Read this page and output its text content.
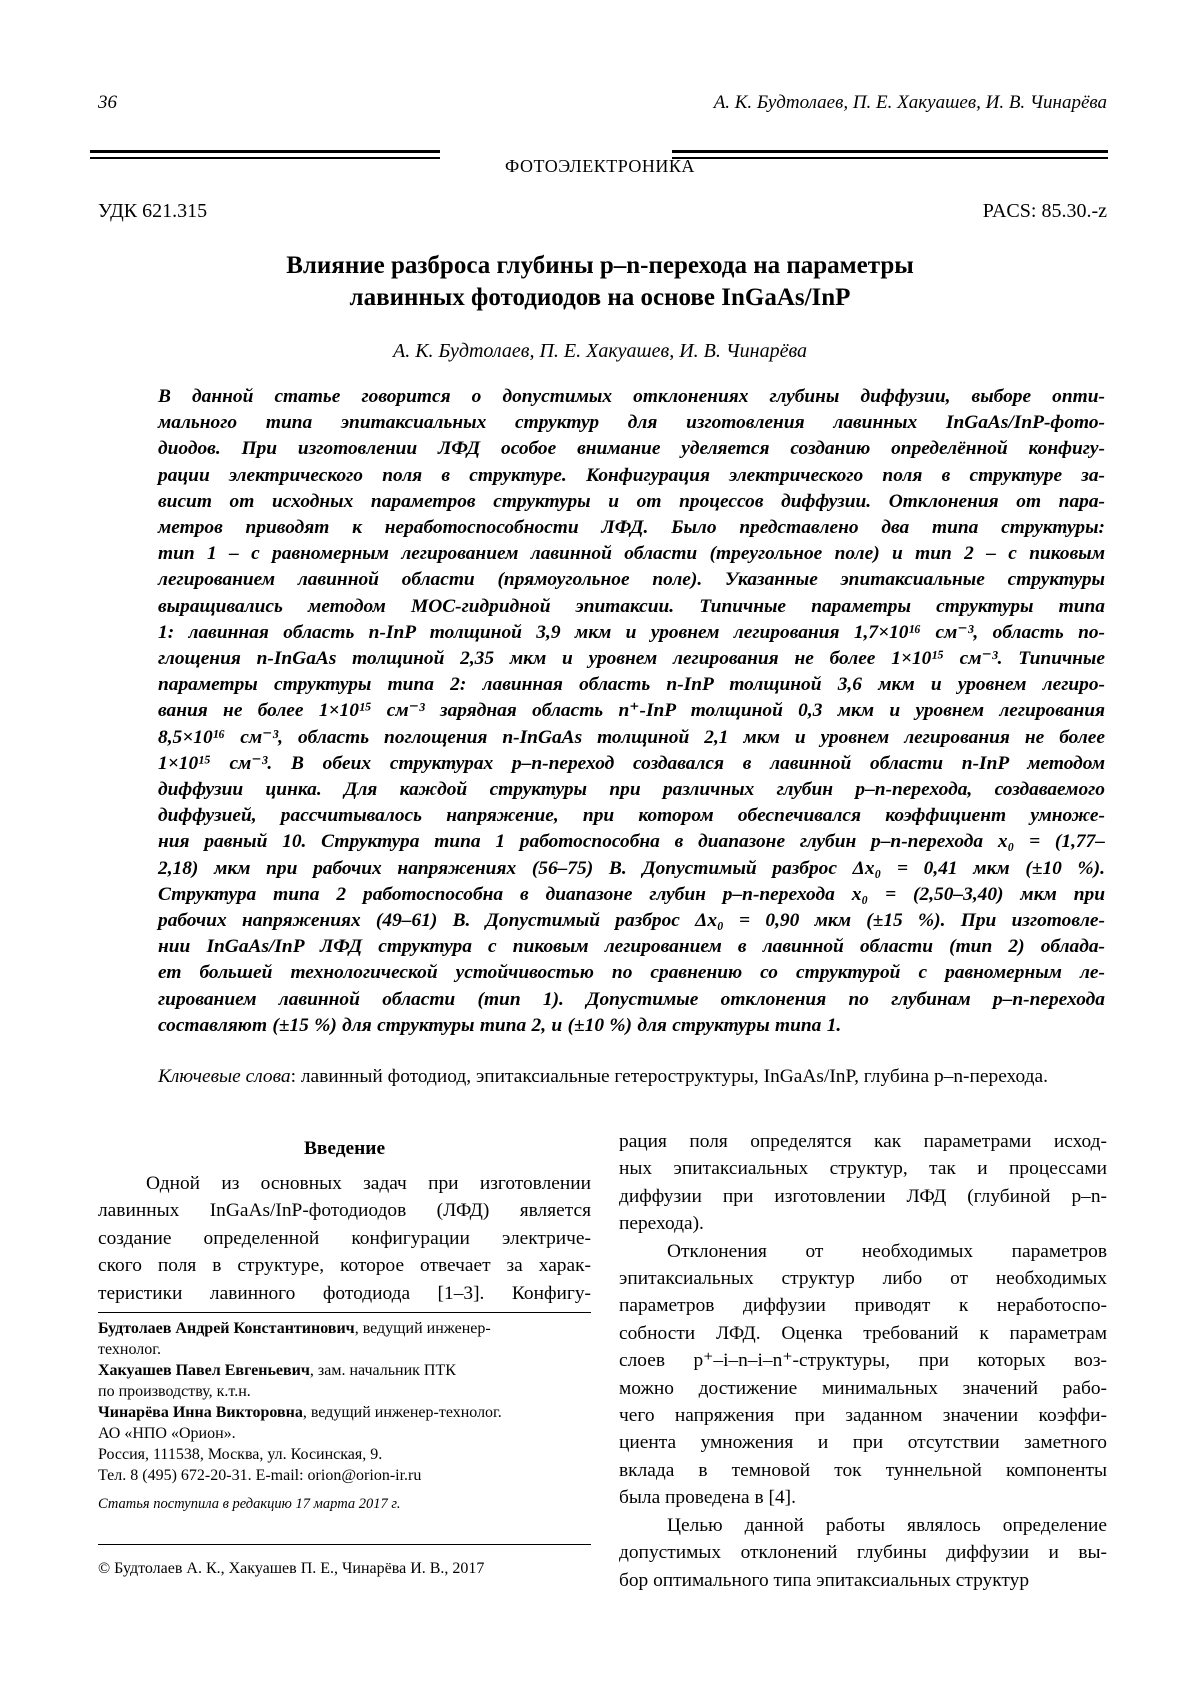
36	А. К. Будтолаев, П. Е. Хакуашев, И. В. Чинарёва
ФОТОЭЛЕКТРОНИКА
УДК 621.315	PACS: 85.30.-z
Влияние разброса глубины p–n-перехода на параметры
лавинных фотодиодов на основе InGaAs/InP
А. К. Будтолаев, П. Е. Хакуашев, И. В. Чинарёва
В данной статье говорится о допустимых отклонениях глубины диффузии, выборе опти-
мального типа эпитаксиальных структур для изготовления лавинных InGaAs/InP-фото-
диодов. При изготовлении ЛФД особое внимание уделяется созданию определённой конфигу-
рации электрического поля в структуре. Конфигурация электрического поля в структуре за-
висит от исходных параметров структуры и от процессов диффузии. Отклонения от пара-
метров приводят к неработоспособности ЛФД. Было представлено два типа структуры:
тип 1 – с равномерным легированием лавинной области (треугольное поле) и тип 2 – с пиковым
легированием лавинной области (прямоугольное поле). Указанные эпитаксиальные структуры
выращивались методом МОС-гидридной эпитаксии. Типичные параметры структуры типа
1: лавинная область n-InP толщиной 3,9 мкм и уровнем легирования 1,7×10¹⁶ см⁻³, область по-
глощения n-InGaAs толщиной 2,35 мкм и уровнем легирования не более 1×10¹⁵ см⁻³. Типичные
параметры структуры типа 2: лавинная область n-InP толщиной 3,6 мкм и уровнем легиро-
вания не более 1×10¹⁵ см⁻³ зарядная область n⁺-InP толщиной 0,3 мкм и уровнем легирования
8,5×10¹⁶ см⁻³, область поглощения n-InGaAs толщиной 2,1 мкм и уровнем легирования не более
1×10¹⁵ см⁻³. В обеих структурах p–n-переход создавался в лавинной области n-InP методом
диффузии цинка. Для каждой структуры при различных глубин p–n-перехода, создаваемого
диффузией, рассчитывалось напряжение, при котором обеспечивался коэффициент умноже-
ния равный 10. Структура типа 1 работоспособна в диапазоне глубин p–n-перехода x₀ = (1,77–
2,18) мкм при рабочих напряжениях (56–75) В. Допустимый разброс Δx₀ = 0,41 мкм (±10 %).
Структура типа 2 работоспособна в диапазоне глубин p–n-перехода x₀ = (2,50–3,40) мкм при
рабочих напряжениях (49–61) В. Допустимый разброс Δx₀ = 0,90 мкм (±15 %). При изготовле-
нии InGaAs/InP ЛФД структура с пиковым легированием в лавинной области (тип 2) облада-
ет большей технологической устойчивостью по сравнению со структурой с равномерным ле-
гированием лавинной области (тип 1). Допустимые отклонения по глубинам p–n-перехода
составляют (±15 %) для структуры типа 2, и (±10 %) для структуры типа 1.
Ключевые слова: лавинный фотодиод, эпитаксиальные гетероструктуры, InGaAs/InP, глубина p–n-перехода.
Введение
Одной из основных задач при изготовлении
лавинных InGaAs/InP-фотодиодов (ЛФД) является
создание определенной конфигурации электриче-
ского поля в структуре, которое отвечает за харак-
теристики лавинного фотодиода [1–3]. Конфигу-
рация поля определятся как параметрами исход-
ных эпитаксиальных структур, так и процессами
диффузии при изготовлении ЛФД (глубиной p–n-
перехода).
Отклонения от необходимых параметров
эпитаксиальных структур либо от необходимых
параметров диффузии приводят к неработоспо-
собности ЛФД. Оценка требований к параметрам
слоев p⁺–i–n–i–n⁺-структуры, при которых воз-
можно достижение минимальных значений рабо-
чего напряжения при заданном значении коэффи-
циента умножения и при отсутствии заметного
вклада в темновой ток туннельной компоненты
была проведена в [4].
Целью данной работы являлось определение
допустимых отклонений глубины диффузии и вы-
бор оптимального типа эпитаксиальных структур
Будтолаев Андрей Константинович, ведущий инженер-
технолог.
Хакуашев Павел Евгеньевич, зам. начальник ПТК
по производству, к.т.н.
Чинарёва Инна Викторовна, ведущий инженер-технолог.
АО «НПО «Орион».
Россия, 111538, Москва, ул. Косинская, 9.
Тел. 8 (495) 672-20-31. E-mail: orion@orion-ir.ru
Статья поступила в редакцию 17 марта 2017 г.
© Будтолаев А. К., Хакуашев П. Е., Чинарёва И. В., 2017
